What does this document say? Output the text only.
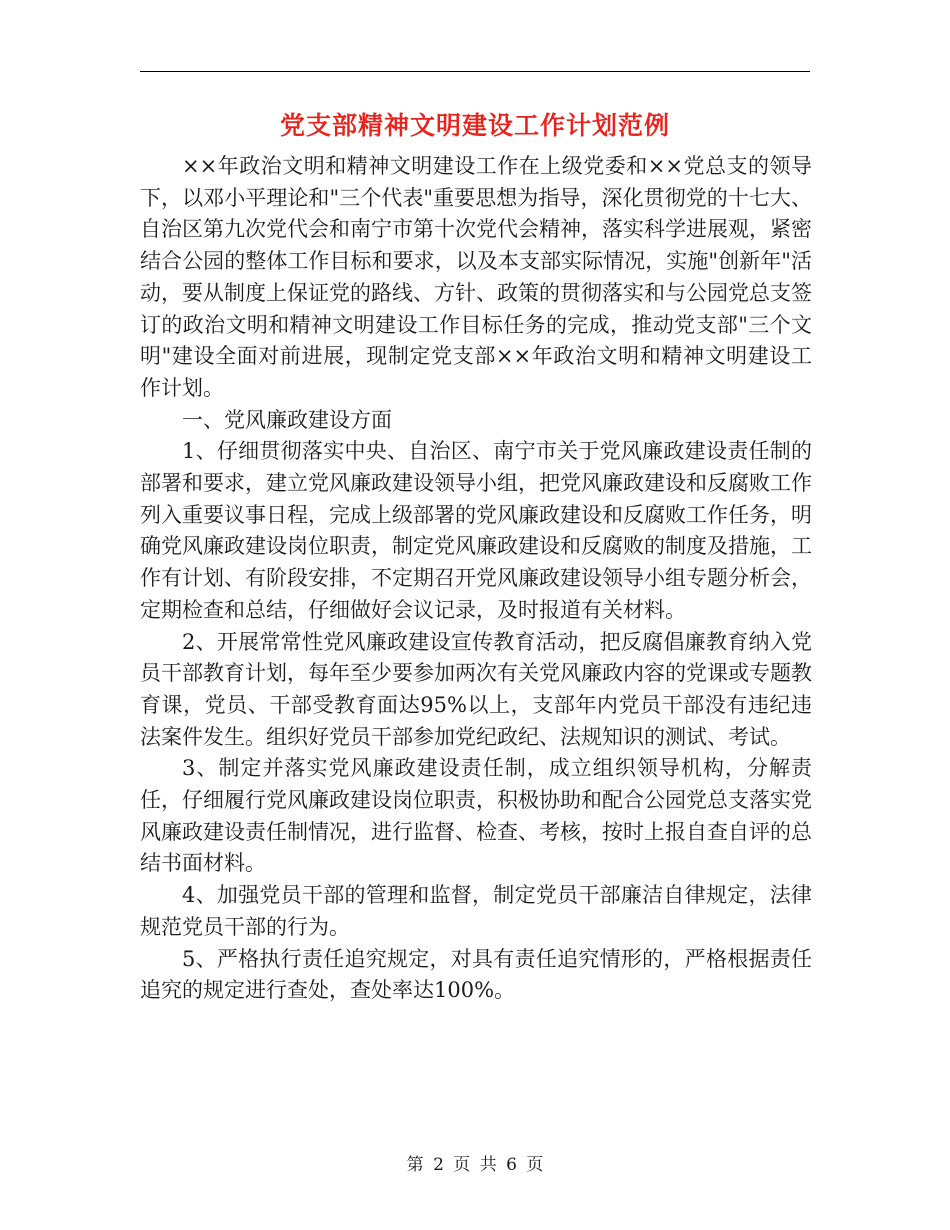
党支部精神文明建设工作计划范例

××年政治文明和精神文明建设工作在上级党委和××党总支的领导下，以邓小平理论和"三个代表"重要思想为指导，深化贯彻党的十七大、自治区第九次党代会和南宁市第十次党代会精神，落实科学进展观，紧密结合公园的整体工作目标和要求，以及本支部实际情况，实施"创新年"活动，要从制度上保证党的路线、方针、政策的贯彻落实和与公园党总支签订的政治文明和精神文明建设工作目标任务的完成，推动党支部"三个文明"建设全面对前进展，现制定党支部××年政治文明和精神文明建设工作计划。

一、党风廉政建设方面

1、仔细贯彻落实中央、自治区、南宁市关于党风廉政建设责任制的部署和要求，建立党风廉政建设领导小组，把党风廉政建设和反腐败工作列入重要议事日程，完成上级部署的党风廉政建设和反腐败工作任务，明确党风廉政建设岗位职责，制定党风廉政建设和反腐败的制度及措施，工作有计划、有阶段安排，不定期召开党风廉政建设领导小组专题分析会，定期检查和总结，仔细做好会议记录，及时报道有关材料。

2、开展常常性党风廉政建设宣传教育活动，把反腐倡廉教育纳入党员干部教育计划，每年至少要参加两次有关党风廉政内容的党课或专题教育课，党员、干部受教育面达95%以上，支部年内党员干部没有违纪违法案件发生。组织好党员干部参加党纪政纪、法规知识的测试、考试。

3、制定并落实党风廉政建设责任制，成立组织领导机构，分解责任，仔细履行党风廉政建设岗位职责，积极协助和配合公园党总支落实党风廉政建设责任制情况，进行监督、检查、考核，按时上报自查自评的总结书面材料。

4、加强党员干部的管理和监督，制定党员干部廉洁自律规定，法律规范党员干部的行为。

5、严格执行责任追究规定，对具有责任追究情形的，严格根据责任追究的规定进行查处，查处率达100%。

第 2 页 共 6 页
